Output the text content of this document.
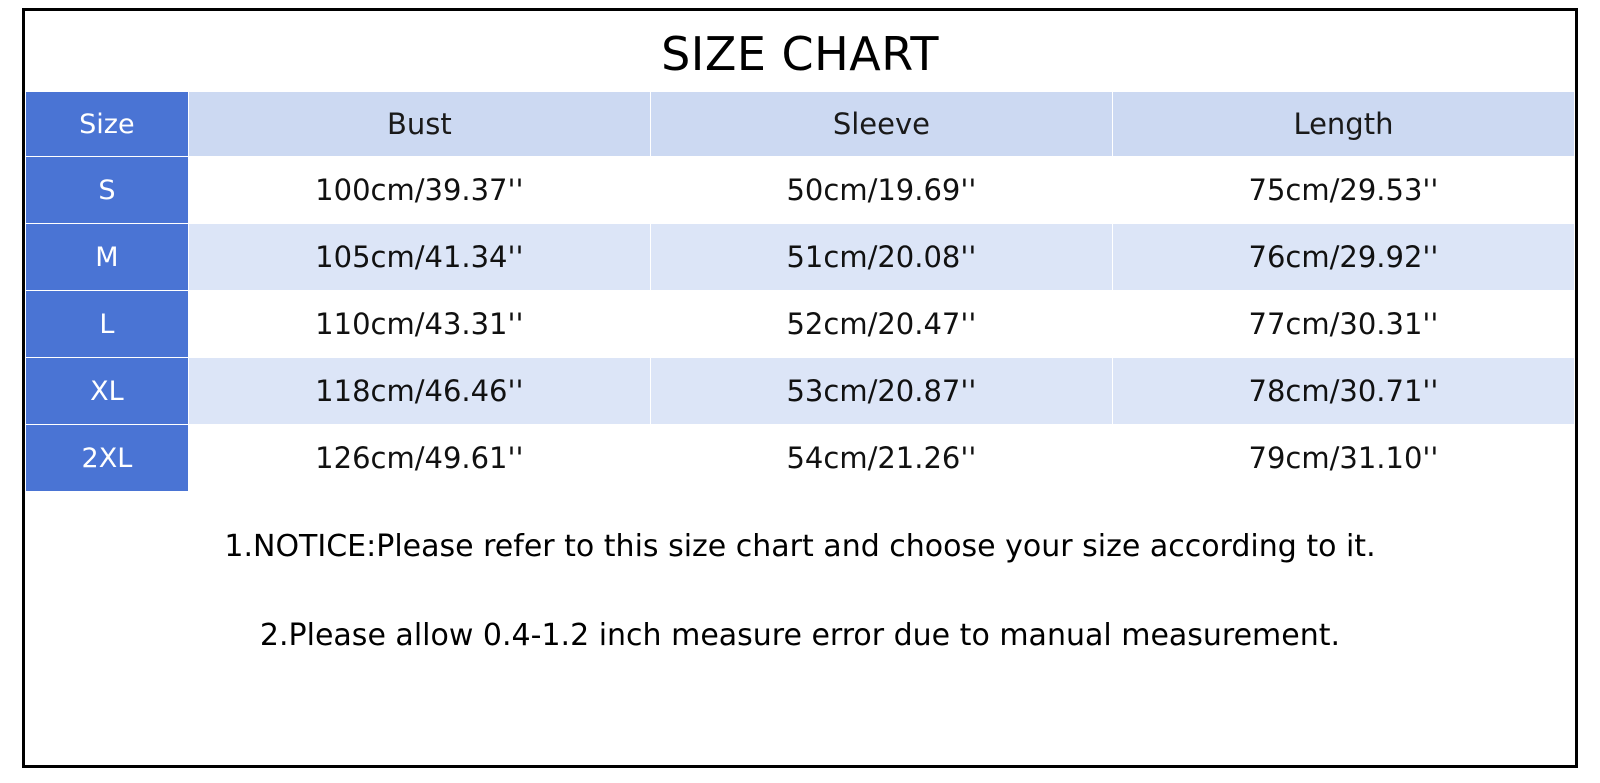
SIZE CHART
Size	Bust	Sleeve	Length
S	100cm/39.37''	50cm/19.69''	75cm/29.53''
M	105cm/41.34''	51cm/20.08''	76cm/29.92''
L	110cm/43.31''	52cm/20.47''	77cm/30.31''
XL	118cm/46.46''	53cm/20.87''	78cm/30.71''
2XL	126cm/49.61''	54cm/21.26''	79cm/31.10''
1.NOTICE:Please refer to this size chart and choose your size according to it.
2.Please allow 0.4-1.2 inch measure error due to manual measurement.
